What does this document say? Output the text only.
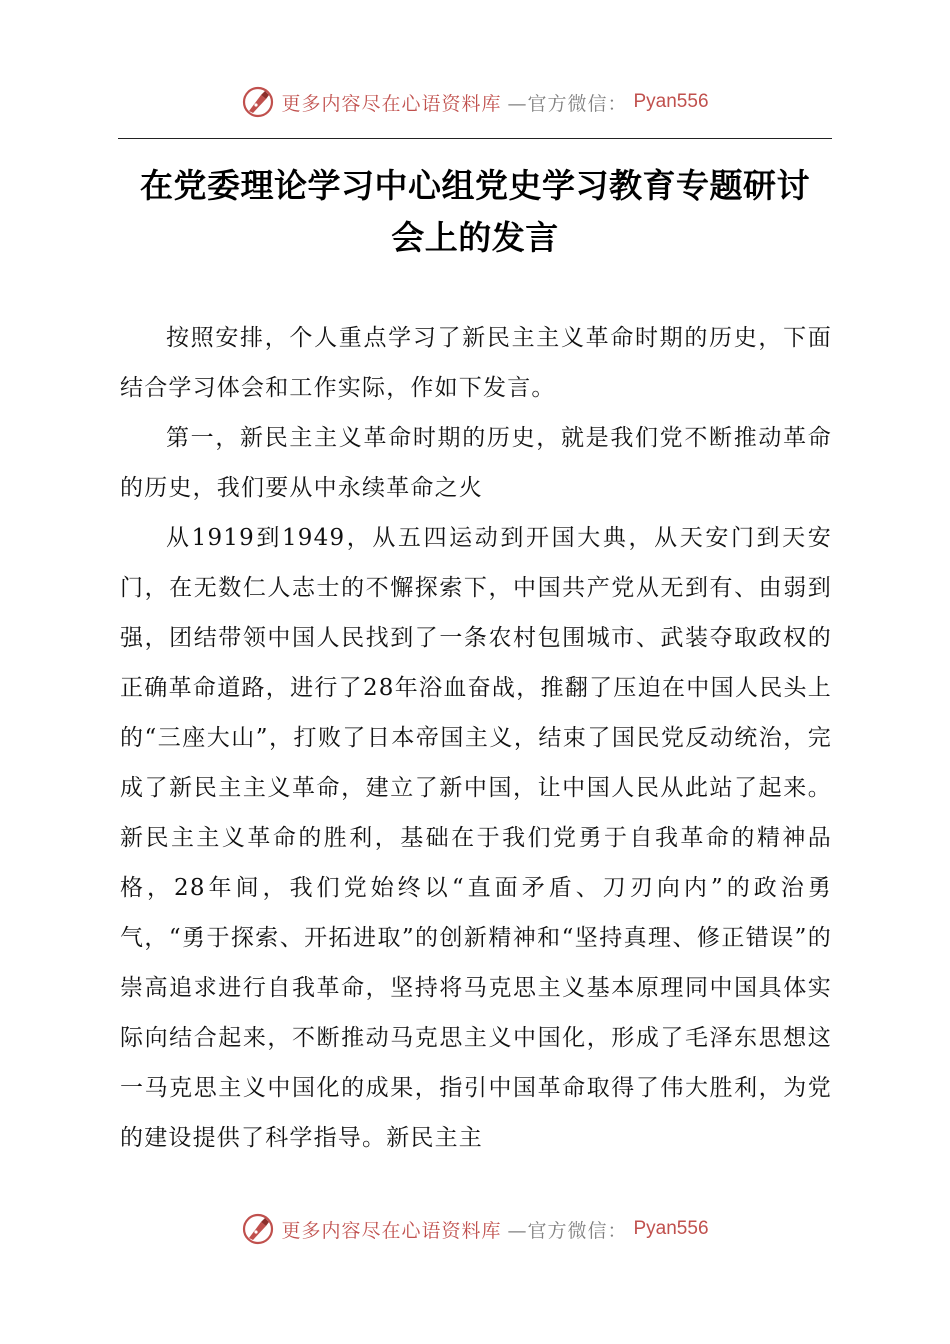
更多内容尽在心语资料库 —官方微信： Pyan556
在党委理论学习中心组党史学习教育专题研讨
会上的发言

按照安排，个人重点学习了新民主主义革命时期的历史，下面结合学习体会和工作实际，作如下发言。

第一，新民主主义革命时期的历史，就是我们党不断推动革命的历史，我们要从中永续革命之火

从1919到1949，从五四运动到开国大典，从天安门到天安门，在无数仁人志士的不懈探索下，中国共产党从无到有、由弱到强，团结带领中国人民找到了一条农村包围城市、武装夺取政权的正确革命道路，进行了28年浴血奋战，推翻了压迫在中国人民头上的“三座大山”，打败了日本帝国主义，结束了国民党反动统治，完成了新民主主义革命，建立了新中国，让中国人民从此站了起来。新民主主义革命的胜利，基础在于我们党勇于自我革命的精神品格，28年间，我们党始终以“直面矛盾、刀刃向内”的政治勇气，“勇于探索、开拓进取”的创新精神和“坚持真理、修正错误”的崇高追求进行自我革命，坚持将马克思主义基本原理同中国具体实际向结合起来，不断推动马克思主义中国化，形成了毛泽东思想这一马克思主义中国化的成果，指引中国革命取得了伟大胜利，为党的建设提供了科学指导。新民主主

更多内容尽在心语资料库 —官方微信： Pyan556
